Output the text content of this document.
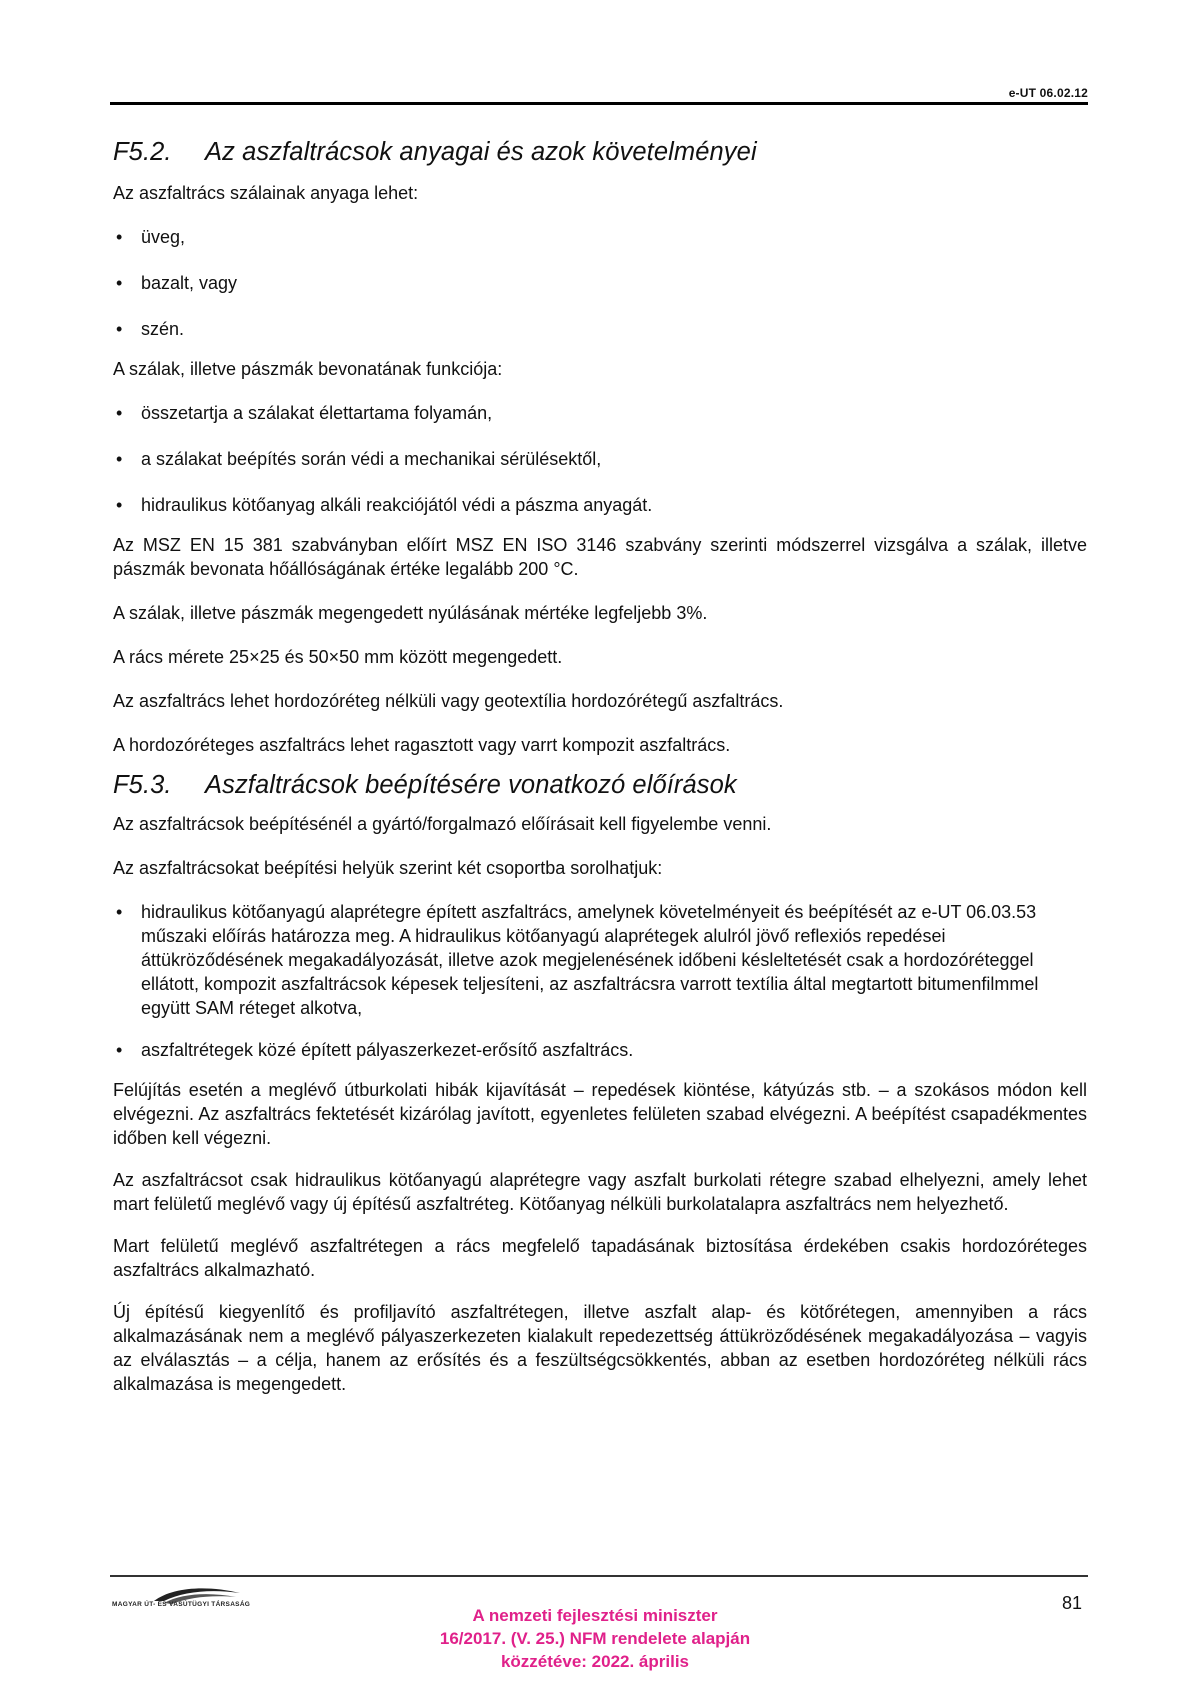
e-UT 06.02.12
F5.2. Az aszfaltrácsok anyagai és azok követelményei

Az aszfaltrács szálainak anyaga lehet:

• üveg,
• bazalt, vagy
• szén.

A szálak, illetve pászmák bevonatának funkciója:

• összetartja a szálakat élettartama folyamán,
• a szálakat beépítés során védi a mechanikai sérülésektől,
• hidraulikus kötőanyag alkáli reakciójától védi a pászma anyagát.

Az MSZ EN 15 381 szabványban előírt MSZ EN ISO 3146 szabvány szerinti módszerrel vizsgálva a szálak, illetve pászmák bevonata hőállóságának értéke legalább 200 °C.

A szálak, illetve pászmák megengedett nyúlásának mértéke legfeljebb 3%.

A rács mérete 25×25 és 50×50 mm között megengedett.

Az aszfaltrács lehet hordozóréteg nélküli vagy geotextília hordozórétegű aszfaltrács.

A hordozóréteges aszfaltrács lehet ragasztott vagy varrt kompozit aszfaltrács.

F5.3. Aszfaltrácsok beépítésére vonatkozó előírások

Az aszfaltrácsok beépítésénél a gyártó/forgalmazó előírásait kell figyelembe venni.

Az aszfaltrácsokat beépítési helyük szerint két csoportba sorolhatjuk:

• hidraulikus kötőanyagú alaprétegre épített aszfaltrács, amelynek követelményeit és beépítését az e-UT 06.03.53 műszaki előírás határozza meg. A hidraulikus kötőanyagú alaprétegek alulról jövő reflexiós repedései áttükröződésének megakadályozását, illetve azok megjelenésének időbeni késleltetését csak a hordozóréteggel ellátott, kompozit aszfaltrácsok képesek teljesíteni, az aszfaltrácsra varrott textília által megtartott bitumenfilmmel együtt SAM réteget alkotva,
• aszfaltrétegek közé épített pályaszerkezet-erősítő aszfaltrács.

Felújítás esetén a meglévő útburkolati hibák kijavítását – repedések kiöntése, kátyúzás stb. – a szokásos módon kell elvégezni. Az aszfaltrács fektetését kizárólag javított, egyenletes felületen szabad elvégezni. A beépítést csapadékmentes időben kell végezni.

Az aszfaltrácsot csak hidraulikus kötőanyagú alaprétegre vagy aszfalt burkolati rétegre szabad elhelyezni, amely lehet mart felületű meglévő vagy új építésű aszfaltréteg. Kötőanyag nélküli burkolatalapra aszfaltrács nem helyezhető.

Mart felületű meglévő aszfaltrétegen a rács megfelelő tapadásának biztosítása érdekében csakis hordozóréteges aszfaltrács alkalmazható.

Új építésű kiegyenlítő és profiljavító aszfaltrétegen, illetve aszfalt alap- és kötőrétegen, amennyiben a rács alkalmazásának nem a meglévő pályaszerkezeten kialakult repedezettség áttükröződésének megakadályozása – vagyis az elválasztás – a célja, hanem az erősítés és a feszültségcsökkentés, abban az esetben hordozóréteg nélküli rács alkalmazása is megengedett.

MAGYAR ÚT- ÉS VASÚTÜGYI TÁRSASÁG	81
A nemzeti fejlesztési miniszter
16/2017. (V. 25.) NFM rendelete alapján
közzétéve: 2022. április
